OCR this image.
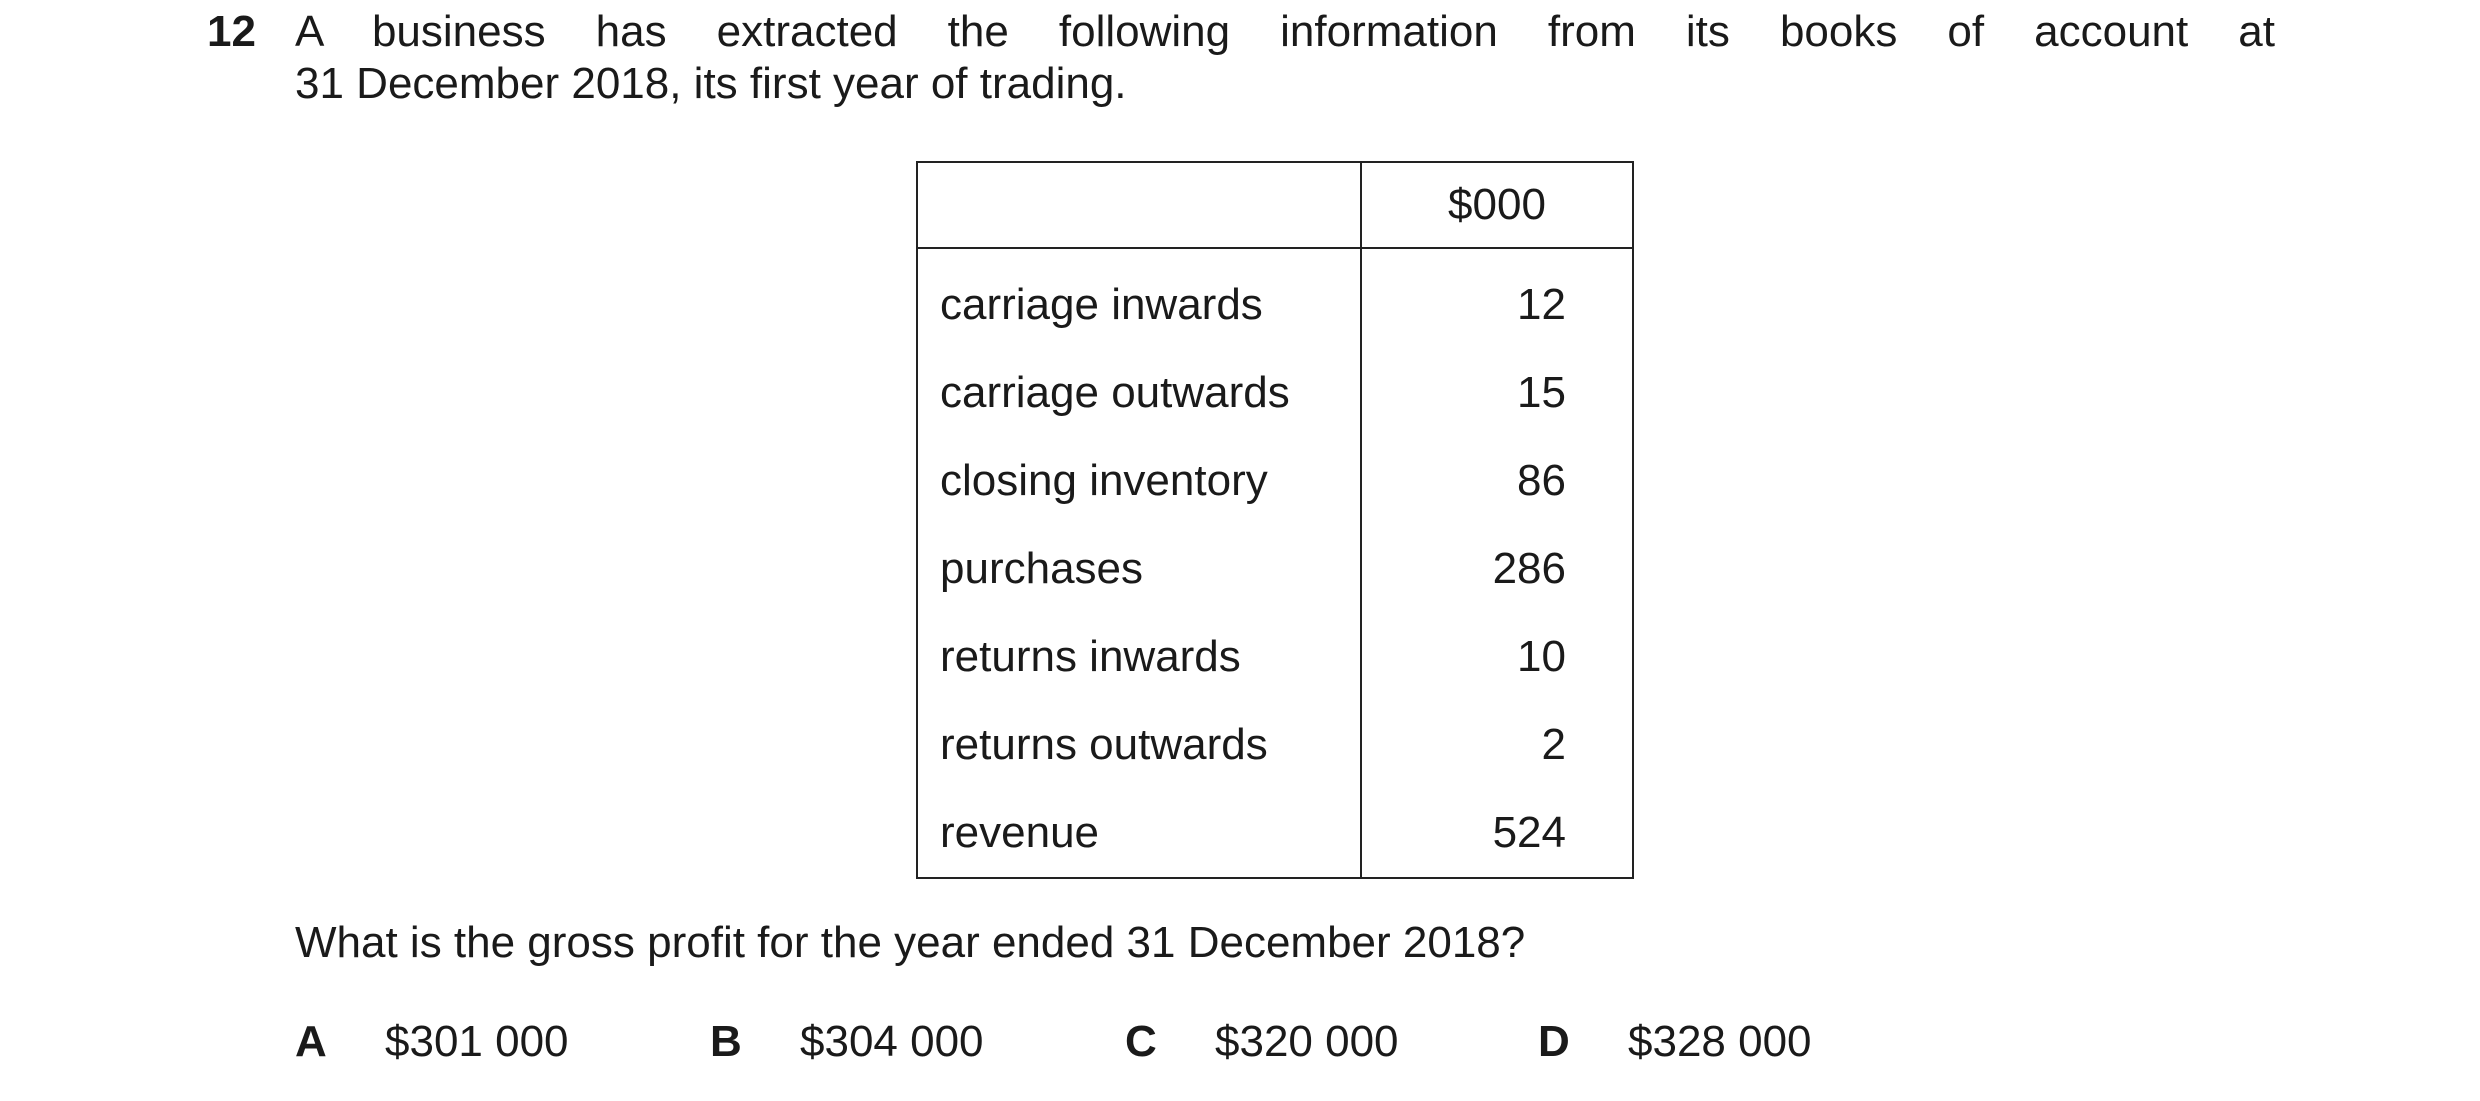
12 A business has extracted the following information from its books of account at
31 December 2018, its first year of trading.
	$000
carriage inwards	12
carriage outwards	15
closing inventory	86
purchases	286
returns inwards	10
returns outwards	2
revenue	524
What is the gross profit for the year ended 31 December 2018?
A $301 000	B $304 000	C $320 000	D $328 000
